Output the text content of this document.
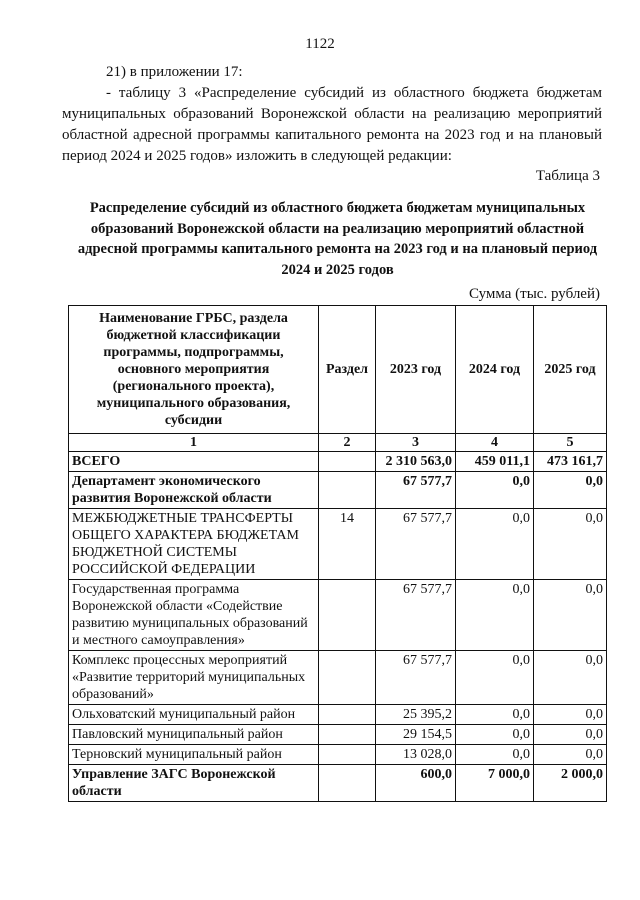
1122
21) в приложении 17:
- таблицу 3 «Распределение субсидий из областного бюджета бюджетам муниципальных образований Воронежской области на реализацию мероприятий областной адресной программы капитального ремонта на 2023 год и на плановый период 2024 и 2025 годов» изложить в следующей редакции:
Таблица 3
Распределение субсидий из областного бюджета бюджетам муниципальных образований Воронежской области на реализацию мероприятий областной адресной программы капитального ремонта на 2023 год и на плановый период 2024 и 2025 годов
Сумма (тыс. рублей)
Наименование ГРБС, раздела бюджетной классификации программы, подпрограммы, основного мероприятия (регионального проекта), муниципального образования, субсидии	Раздел	2023 год	2024 год	2025 год
1	2	3	4	5
ВСЕГО		2 310 563,0	459 011,1	473 161,7
Департамент экономического развития Воронежской области		67 577,7	0,0	0,0
МЕЖБЮДЖЕТНЫЕ ТРАНСФЕРТЫ ОБЩЕГО ХАРАКТЕРА БЮДЖЕТАМ БЮДЖЕТНОЙ СИСТЕМЫ РОССИЙСКОЙ ФЕДЕРАЦИИ	14	67 577,7	0,0	0,0
Государственная программа Воронежской области «Содействие развитию муниципальных образований и местного самоуправления»		67 577,7	0,0	0,0
Комплекс процессных мероприятий «Развитие территорий муниципальных образований»		67 577,7	0,0	0,0
Ольховатский муниципальный район		25 395,2	0,0	0,0
Павловский муниципальный район		29 154,5	0,0	0,0
Терновский муниципальный район		13 028,0	0,0	0,0
Управление ЗАГС Воронежской области		600,0	7 000,0	2 000,0
